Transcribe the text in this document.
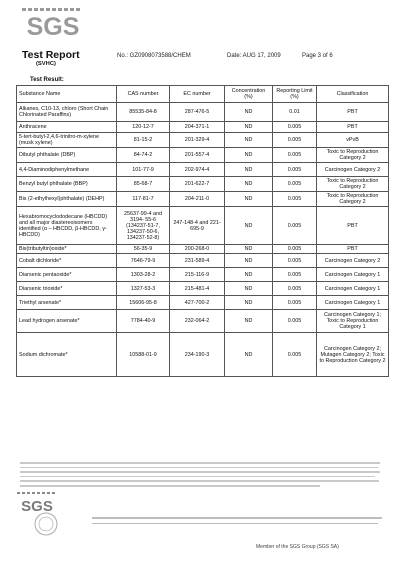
SGS
Test Report
(SVHC)
No.: GZ0908073588/CHEM	Date: AUG 17, 2009	Page 3 of 6
Test Result:
Substance Name	CAS number	EC number	Concentration (%)	Reporting Limit (%)	Classification
Alkanes, C10-13, chloro (Short Chain Chlorinated Paraffins)	85535-84-8	287-476-5	ND	0.01	PBT
Anthracene	120-12-7	204-371-1	ND	0.005	PBT
5-tert-butyl-2,4,6-trinitro-m-xylene (musk xylene)	81-15-2	201-329-4	ND	0.005	vPvB
Dibutyl phthalate (DBP)	84-74-2	201-557-4	ND	0.005	Toxic to Reproduction Category 2
4,4-Diaminodiphenylmethane	101-77-9	202-974-4	ND	0.005	Carcinogen Category 2
Benzyl butyl phthalate (BBP)	85-68-7	201-622-7	ND	0.005	Toxic to Reproduction Category 2
Bis (2-ethylhexyl)phthalate) (DEHP)	117-81-7	204-211-0	ND	0.005	Toxic to Reproduction Category 2
Hexabromocyclododecane (HBCDD) and all major diastereoisomers identified (α – HBCDD, β-HBCDD, γ-HBCDD)	25637-99-4 and 3194- 55-6 (134237-51-7, 134237-50-6, 134237-52-8)	247-148-4 and 221-695-9	ND	0.005	PBT
Bis(tributyltin)oxide*	56-35-9	200-268-0	ND	0.005	PBT
Cobalt dichloride*	7646-79-9	231-589-4	ND	0.005	Carcinogen Category 2
Diarsenic pentaoxide*	1303-28-2	215-116-9	ND	0.005	Carcinogen Category 1
Diarsenic trioxide*	1327-53-3	215-481-4	ND	0.005	Carcinogen Category 1
Triethyl arsenate*	15606-95-8	427-700-2	ND	0.005	Carcinogen Category 1
Lead hydrogen arsenate*	7784-40-9	232-064-2	ND	0.005	Carcinogen Category 1; Toxic to Reproduction Category 1
Sodium dichromate*	10588-01-9	234-190-3	ND	0.005	Carcinogen Category 2; Mutagen Category 2; Toxic to Reproduction Category 2
SGS
Member of the SGS Group (SGS SA)
